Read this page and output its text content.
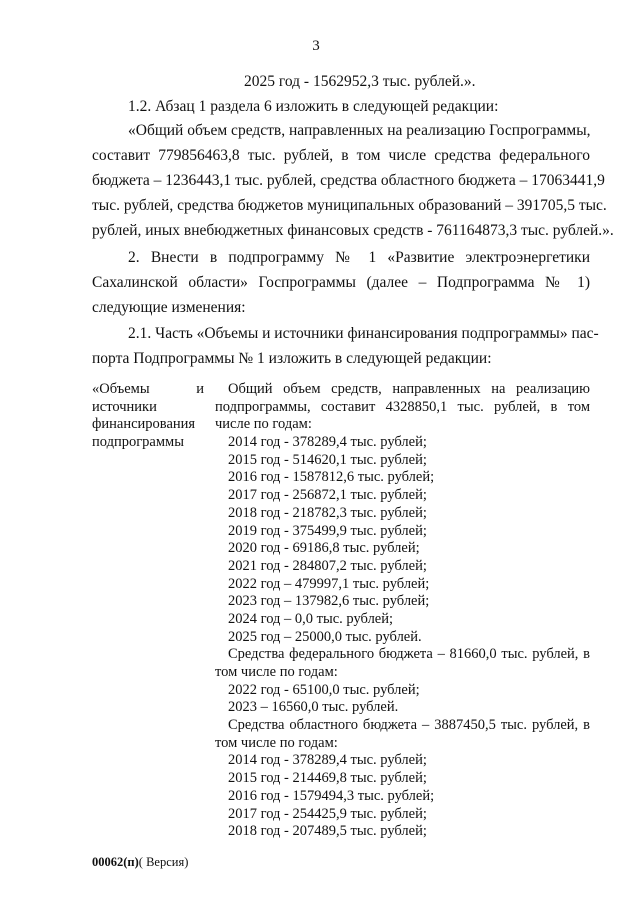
3
2025 год - 1562952,3 тыс. рублей.».
1.2. Абзац 1 раздела 6 изложить в следующей редакции:
«Общий объем средств, направленных на реализацию Госпрограммы,
составит 779856463,8 тыс. рублей, в том числе средства федерального
бюджета – 1236443,1 тыс. рублей, средства областного бюджета – 17063441,9
тыс. рублей, средства бюджетов муниципальных образований – 391705,5 тыс.
рублей, иных внебюджетных финансовых средств - 761164873,3 тыс. рублей.».
2. Внести в подпрограмму № 1 «Развитие электроэнергетики
Сахалинской области» Госпрограммы (далее – Подпрограмма № 1)
следующие изменения:
2.1. Часть «Объемы и источники финансирования подпрограммы» пас-
порта Подпрограммы № 1 изложить в следующей редакции:
«Объемы	и
источники
финансирования
подпрограммы
Общий объем средств, направленных на реализацию
подпрограммы, составит 4328850,1 тыс. рублей, в том
числе по годам:
2014 год - 378289,4 тыс. рублей;
2015 год - 514620,1 тыс. рублей;
2016 год - 1587812,6 тыс. рублей;
2017 год - 256872,1 тыс. рублей;
2018 год - 218782,3 тыс. рублей;
2019 год - 375499,9 тыс. рублей;
2020 год - 69186,8 тыс. рублей;
2021 год - 284807,2 тыс. рублей;
2022 год – 479997,1 тыс. рублей;
2023 год – 137982,6 тыс. рублей;
2024 год – 0,0 тыс. рублей;
2025 год – 25000,0 тыс. рублей.
Средства федерального бюджета – 81660,0 тыс. рублей, в
том числе по годам:
2022 год - 65100,0 тыс. рублей;
2023 – 16560,0 тыс. рублей.
Средства областного бюджета – 3887450,5 тыс. рублей, в
том числе по годам:
2014 год - 378289,4 тыс. рублей;
2015 год - 214469,8 тыс. рублей;
2016 год - 1579494,3 тыс. рублей;
2017 год - 254425,9 тыс. рублей;
2018 год - 207489,5 тыс. рублей;
00062(п)( Версия)
